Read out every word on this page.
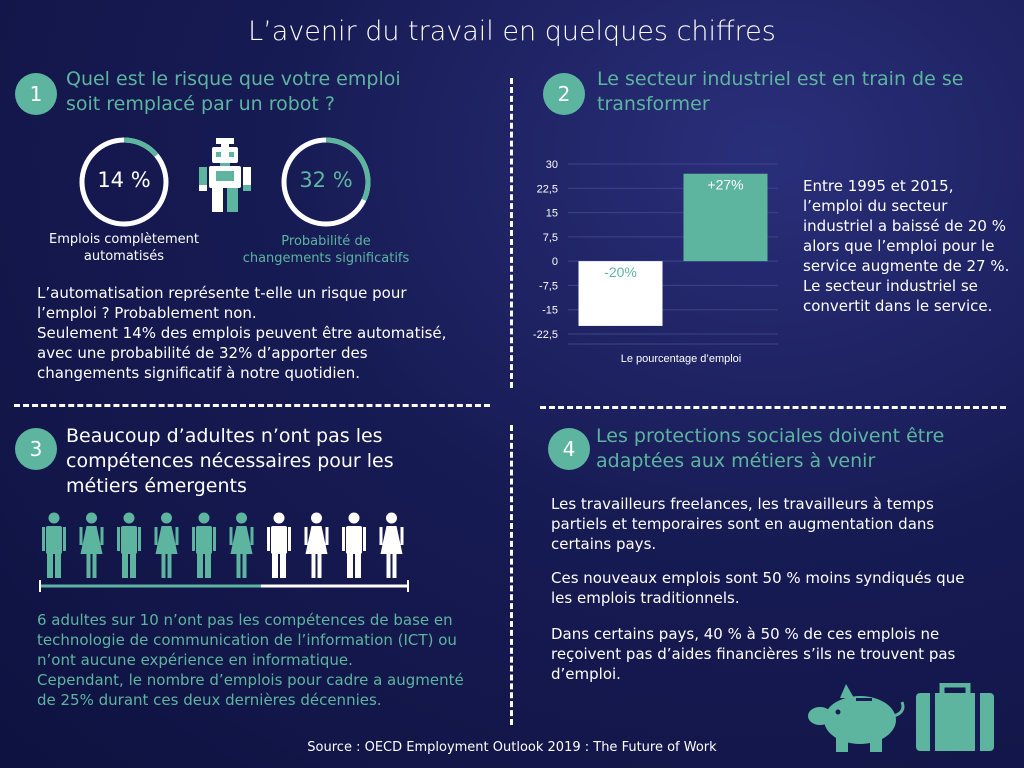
L’avenir du travail en quelques chiffres
1
Quel est le risque que votre emploi
soit remplacé par un robot ?
14 %
Emplois complètement
automatisés
32 %
Probabilité de
changements significatifs

L’automatisation représente t-elle un risque pour

l’emploi ? Probablement non.

Seulement 14% des emplois peuvent être automatisé,

avec une probabilité de 32% d’apporter des

changements significatif à notre quotidien.

2
Le secteur industriel est en train de se
transformer
30
22,5
15
7,5
0
-7,5
-15
-22,5
-20%
+27%
Le pourcentage d’emploi

Entre 1995 et 2015,

l’emploi du secteur

industriel a baissé de 20 %

alors que l’emploi pour le

service augmente de 27 %.

Le secteur industriel se

convertit dans le service.

3
Beaucoup d’adultes n’ont pas les
compétences nécessaires pour les
métiers émergents

6 adultes sur 10 n’ont pas les compétences de base en

technologie de communication de l’information (ICT) ou

n’ont aucune expérience en informatique.

Cependant, le nombre d’emplois pour cadre a augmenté

de 25% durant ces deux dernières décennies.

4
Les protections sociales doivent être
adaptées aux métiers à venir

Les travailleurs freelances, les travailleurs à temps

partiels et temporaires sont en augmentation dans

certains pays.

Ces nouveaux emplois sont 50 % moins syndiqués que

les emplois traditionnels.

Dans certains pays, 40 % à 50 % de ces emplois ne

reçoivent pas d’aides financières s’ils ne trouvent pas

d’emploi.

Source : OECD Employment Outlook 2019 : The Future of Work
